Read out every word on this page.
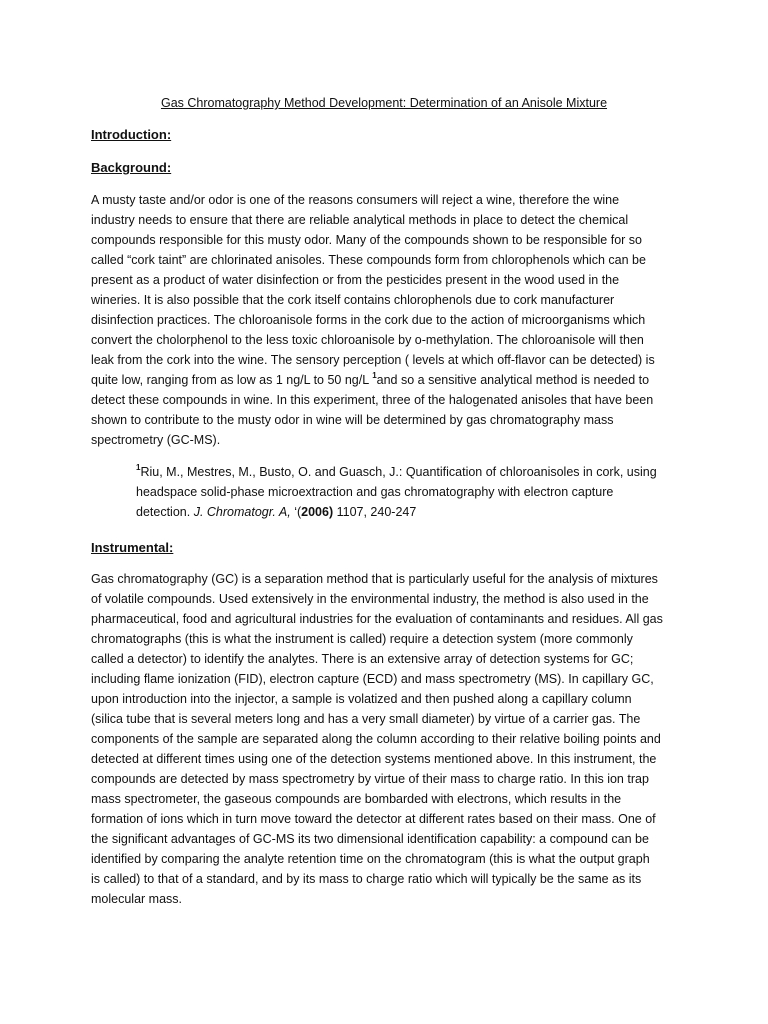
Gas Chromatography Method Development: Determination of an Anisole Mixture
Introduction:
Background:
A musty taste and/or odor is one of the reasons consumers will reject a wine, therefore the wine
industry needs to ensure that there are reliable analytical methods in place to detect the chemical
compounds responsible for this musty odor. Many of the compounds shown to be responsible for so
called “cork taint” are chlorinated anisoles. These compounds form from chlorophenols which can be
present as a product of water disinfection or from the pesticides present in the wood used in the
wineries. It is also possible that the cork itself contains chlorophenols due to cork manufacturer
disinfection practices. The chloroanisole forms in the cork due to the action of microorganisms which
convert the cholorphenol to the less toxic chloroanisole by o-methylation. The chloroanisole will then
leak from the cork into the wine. The sensory perception ( levels at which off-flavor can be detected) is
quite low, ranging from as low as 1 ng/L to 50 ng/L $^1$and so a sensitive analytical method is needed to
detect these compounds in wine. In this experiment, three of the halogenated anisoles that have been
shown to contribute to the musty odor in wine will be determined by gas chromatography mass
spectrometry (GC-MS).
$^1$Riu, M., Mestres, M., Busto, O. and Guasch, J.: Quantification of chloroanisoles in cork, using
headspace solid-phase microextraction and gas chromatography with electron capture
detection. J. Chromatogr. A, ‘(2006) 1107, 240-247
Instrumental:
Gas chromatography (GC) is a separation method that is particularly useful for the analysis of mixtures
of volatile compounds. Used extensively in the environmental industry, the method is also used in the
pharmaceutical, food and agricultural industries for the evaluation of contaminants and residues. All gas
chromatographs (this is what the instrument is called) require a detection system (more commonly
called a detector) to identify the analytes. There is an extensive array of detection systems for GC;
including flame ionization (FID), electron capture (ECD) and mass spectrometry (MS). In capillary GC,
upon introduction into the injector, a sample is volatized and then pushed along a capillary column
(silica tube that is several meters long and has a very small diameter) by virtue of a carrier gas. The
components of the sample are separated along the column according to their relative boiling points and
detected at different times using one of the detection systems mentioned above. In this instrument, the
compounds are detected by mass spectrometry by virtue of their mass to charge ratio. In this ion trap
mass spectrometer, the gaseous compounds are bombarded with electrons, which results in the
formation of ions which in turn move toward the detector at different rates based on their mass. One of
the significant advantages of GC-MS its two dimensional identification capability: a compound can be
identified by comparing the analyte retention time on the chromatogram (this is what the output graph
is called) to that of a standard, and by its mass to charge ratio which will typically be the same as its
molecular mass.
